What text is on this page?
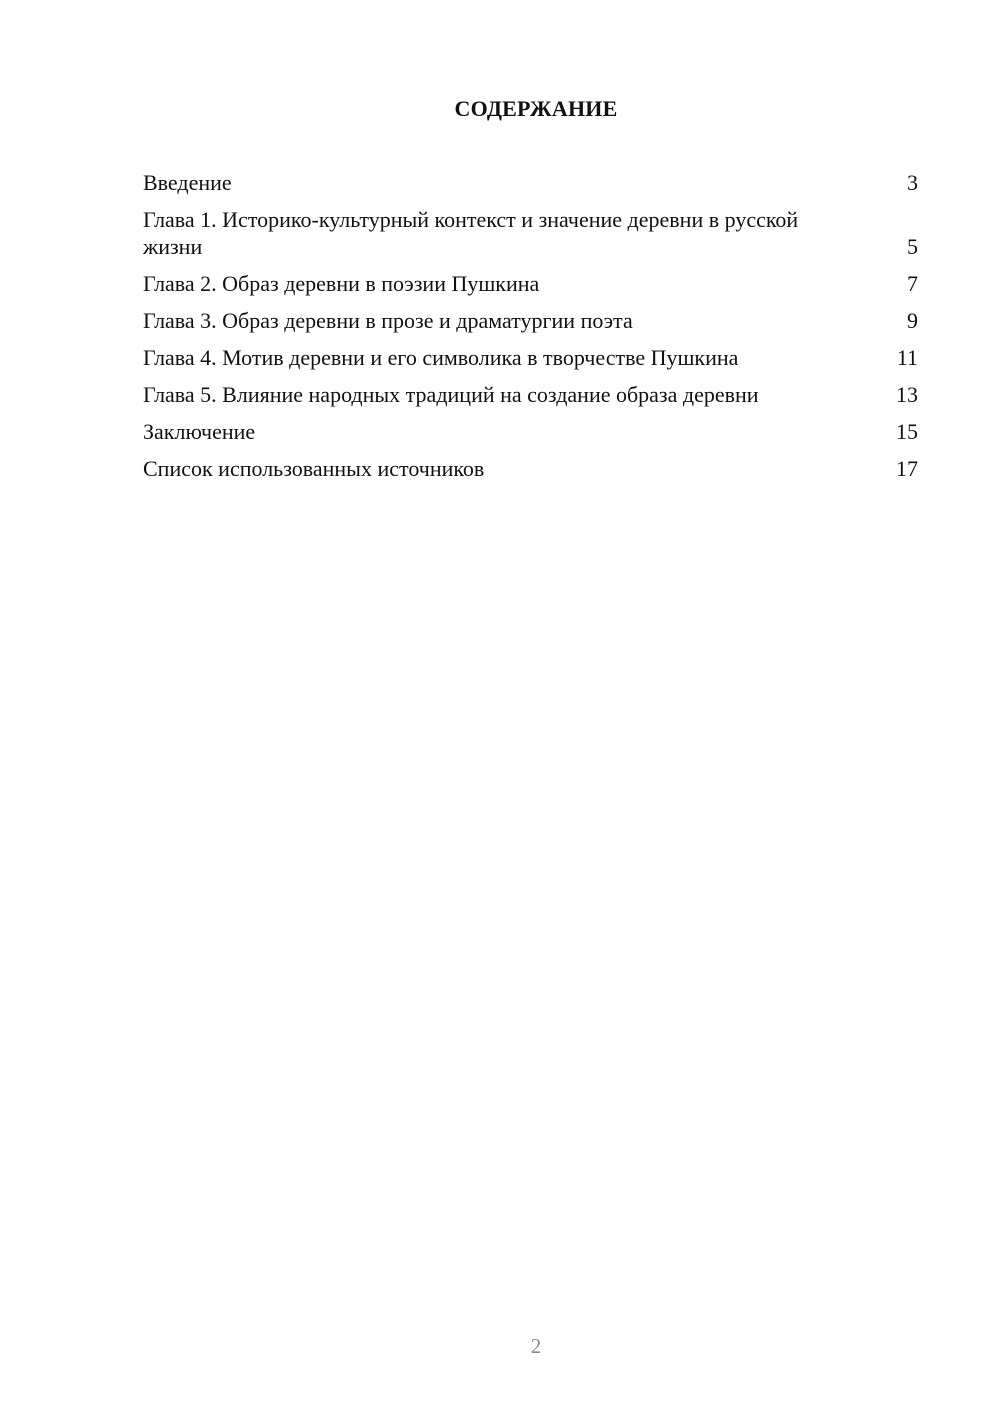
СОДЕРЖАНИЕ
Введение	3
Глава 1. Историко-культурный контекст и значение деревни в русской жизни	5
Глава 2. Образ деревни в поэзии Пушкина	7
Глава 3. Образ деревни в прозе и драматургии поэта	9
Глава 4. Мотив деревни и его символика в творчестве Пушкина	11
Глава 5. Влияние народных традиций на создание образа деревни	13
Заключение	15
Список использованных источников	17
2
